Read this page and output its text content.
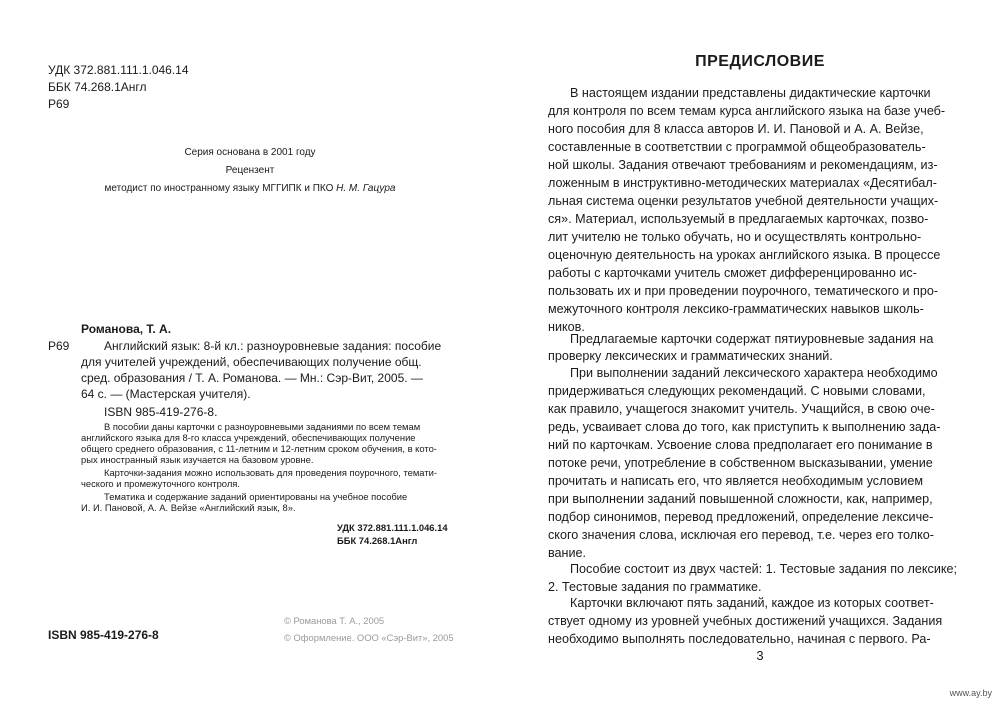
УДК 372.881.111.1.046.14
ББК 74.268.1Англ
Р69
Серия основана в 2001 году
Рецензент
методист по иностранному языку МГГИПК и ПКО Н. М. Гацура
Романова, Т. А.
Р69	Английский язык: 8-й кл.: разноуровневые задания: пособие
для учителей учреждений, обеспечивающих получение общ.
сред. образования / Т. А. Романова. — Мн.: Сэр-Вит, 2005. —
64 с. — (Мастерская учителя).
ISBN 985-419-276-8.
В пособии даны карточки с разноуровневыми заданиями по всем темам
английского языка для 8-го класса учреждений, обеспечивающих получение
общего среднего образования, с 11-летним и 12-летним сроком обучения, в кото-
рых иностранный язык изучается на базовом уровне.
Карточки-задания можно использовать для проведения поурочного, темати-
ческого и промежуточного контроля.
Тематика и содержание заданий ориентированы на учебное пособие
И. И. Пановой, А. А. Вейзе «Английский язык, 8».
УДК 372.881.111.1.046.14
ББК 74.268.1Англ
ISBN 985-419-276-8
© Романова Т. А., 2005
© Оформление. ООО «Сэр-Вит», 2005
ПРЕДИСЛОВИЕ
В настоящем издании представлены дидактические карточки
для контроля по всем темам курса английского языка на базе учеб-
ного пособия для 8 класса авторов И. И. Пановой и А. А. Вейзе,
составленные в соответствии с программой общеобразователь-
ной школы. Задания отвечают требованиям и рекомендациям, из-
ложенным в инструктивно-методических материалах «Десятибал-
льная система оценки результатов учебной деятельности учащих-
ся». Материал, используемый в предлагаемых карточках, позво-
лит учителю не только обучать, но и осуществлять контрольно-
оценочную деятельность на уроках английского языка. В процессе
работы с карточками учитель сможет дифференцированно ис-
пользовать их и при проведении поурочного, тематического и про-
межуточного контроля лексико-грамматических навыков школь-
ников.
Предлагаемые карточки содержат пятиуровневые задания на
проверку лексических и грамматических знаний.
При выполнении заданий лексического характера необходимо
придерживаться следующих рекомендаций. С новыми словами,
как правило, учащегося знакомит учитель. Учащийся, в свою оче-
редь, усваивает слова до того, как приступить к выполнению зада-
ний по карточкам. Усвоение слова предполагает его понимание в
потоке речи, употребление в собственном высказывании, умение
прочитать и написать его, что является необходимым условием
при выполнении заданий повышенной сложности, как, например,
подбор синонимов, перевод предложений, определение лексиче-
ского значения слова, исключая его перевод, т.е. через его толко-
вание.
Пособие состоит из двух частей: 1. Тестовые задания по лексике;
2. Тестовые задания по грамматике.
Карточки включают пять заданий, каждое из которых соответ-
ствует одному из уровней учебных достижений учащихся. Задания
необходимо выполнять последовательно, начиная с первого. Ра-
3
www.ay.by
